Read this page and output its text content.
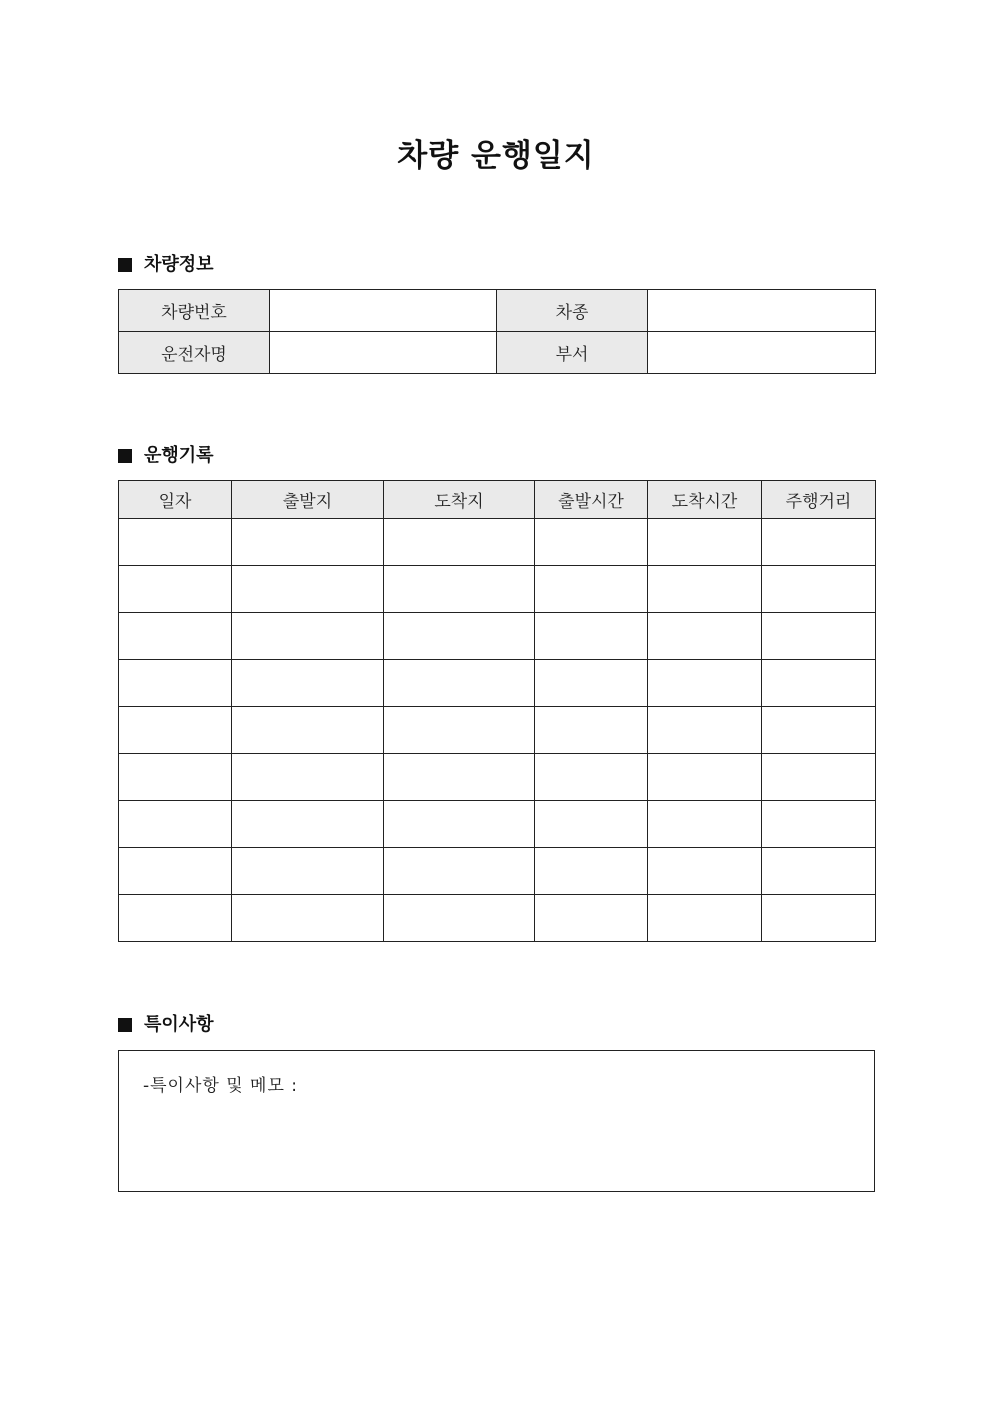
차량 운행일지
차량정보
차량번호		차종	
운전자명		부서	
운행기록
일자	출발지	도착지	출발시간	도착시간	주행거리

특이사항
-특이사항 및 메모 :
